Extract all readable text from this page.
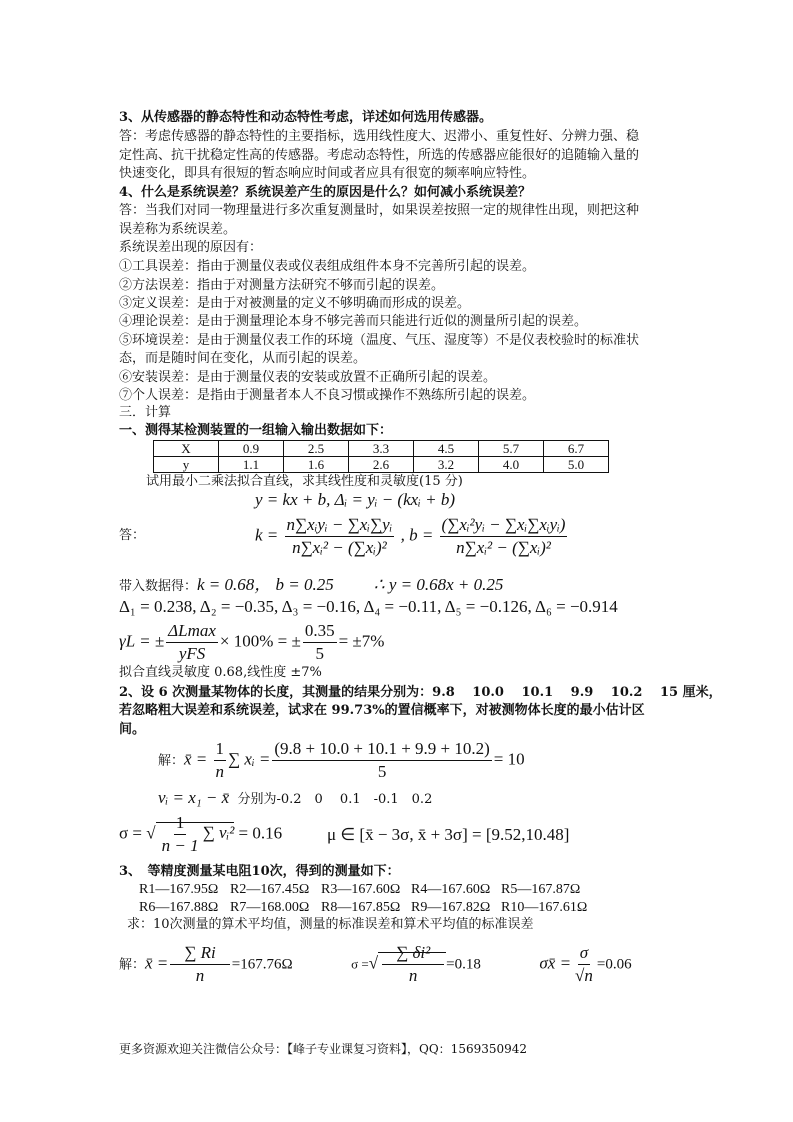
3、从传感器的静态特性和动态特性考虑，详述如何选用传感器。
答：考虑传感器的静态特性的主要指标，选用线性度大、迟滞小、重复性好、分辨力强、稳
定性高、抗干扰稳定性高的传感器。考虑动态特性，所选的传感器应能很好的追随输入量的
快速变化，即具有很短的暂态响应时间或者应具有很宽的频率响应特性。
4、什么是系统误差？系统误差产生的原因是什么？如何减小系统误差？
答：当我们对同一物理量进行多次重复测量时，如果误差按照一定的规律性出现，则把这种
误差称为系统误差。
系统误差出现的原因有：
①工具误差：指由于测量仪表或仪表组成组件本身不完善所引起的误差。
②方法误差：指由于对测量方法研究不够而引起的误差。
③定义误差：是由于对被测量的定义不够明确而形成的误差。
④理论误差：是由于测量理论本身不够完善而只能进行近似的测量所引起的误差。
⑤环境误差：是由于测量仪表工作的环境（温度、气压、湿度等）不是仪表校验时的标准状
态，而是随时间在变化，从而引起的误差。
⑥安装误差：是由于测量仪表的安装或放置不正确所引起的误差。
⑦个人误差：是指由于测量者本人不良习惯或操作不熟练所引起的误差。
三．计算
一、测得某检测装置的一组输入输出数据如下：
X	0.9	2.5	3.3	4.5	5.7	6.7
y	1.1	1.6	2.6	3.2	4.0	5.0
试用最小二乘法拟合直线，求其线性度和灵敏度(15 分)
y = kx + b, Δᵢ = yᵢ − (kxᵢ + b)
答：	$k = \frac{\text{n∑xᵢyᵢ − ∑xᵢ∑yᵢ}}{\text{n∑xᵢ² − (∑xᵢ)²}}$ , $b = \frac{\text{(∑xᵢ²yᵢ − ∑xᵢ∑xᵢyᵢ)}}{\text{n∑xᵢ² − (∑xᵢ)²}}$
带入数据得：k = 0.68， b = 0.25 ∴ y = 0.68x + 0.25
Δ₁ = 0.238, Δ₂ = −0.35, Δ₃ = −0.16, Δ₄ = −0.11, Δ₅ = −0.126, Δ₆ = −0.914
γL = ± $\frac{\Delta Lmax}{\text{yFS}} \times 100\%$ = ± $\frac{0.35}{5} = \pm 7\%$
拟合直线灵敏度 0.68,线性度 ±7%
2、设 6 次测量某物体的长度，其测量的结果分别为：9.8　 10.0　 10.1　 9.9　 10.2　 15 厘米，
若忽略粗大误差和系统误差，试求在 99.73%的置信概率下，对被测物体长度的最小估计区
间。
解：x̄ = $\frac{1}{n}$ ∑ xᵢ = $\frac{(9.8 + 10.0 + 10.1 + 9.9 + 10.2)}{5} = 10$
vᵢ = x₁ − x̄ 分别为-0.2　0　 0.1　-0.1　0.2
σ = √ $\frac{1}{n - 1}$ ∑ vᵢ² = 0.16	μ ∈ [x̄ − 3σ, x̄ + 3σ] = [9.52,10.48]
3、　等精度测量某电阻10次，得到的测量如下：
R1—167.95Ω R2—167.45Ω R3—167.60Ω R4—167.60Ω R5—167.87Ω
R6—167.88Ω R7—168.00Ω R8—167.85Ω R9—167.82Ω R10—167.61Ω
求：10次测量的算术平均值，测量的标准误差和算术平均值的标准误差
解：x̄ = $\frac{\sum Ri}{n} =167.76\Omega$	σ =√ $\frac{\text{∑ δi²}}{n} =0.18$	σx̄ = $\frac{\sigma}{√n} =0.06$
更多资源欢迎关注微信公众号：【峰子专业课复习资料】，QQ：1569350942
